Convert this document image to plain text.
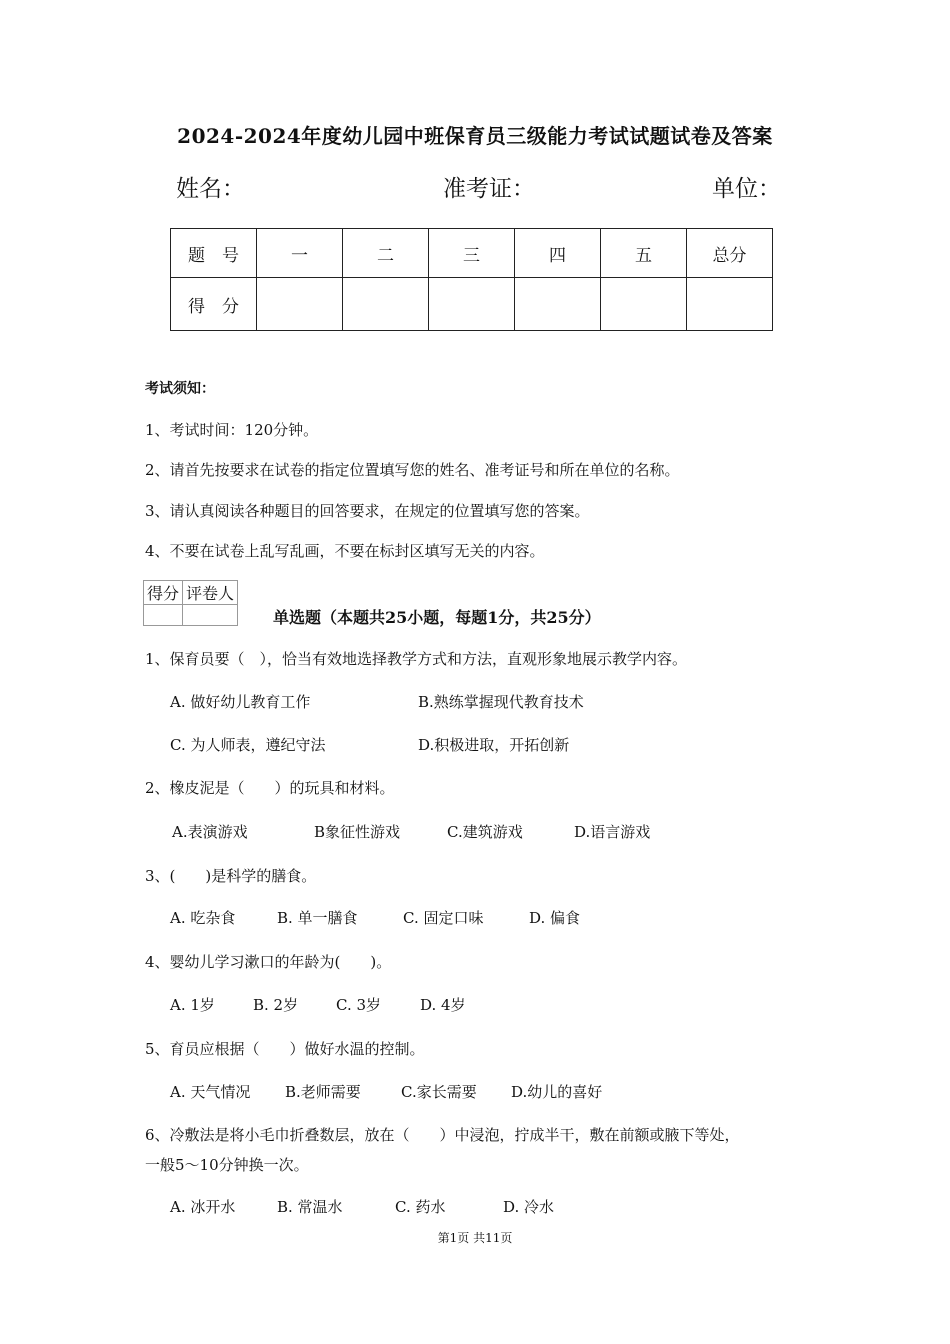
2024-2024年度幼儿园中班保育员三级能力考试试题试卷及答案
姓名：	准考证：	单位：
题　号	一	二	三	四	五	总分
得　分						
考试须知：
1、考试时间：120分钟。
2、请首先按要求在试卷的指定位置填写您的姓名、准考证号和所在单位的名称。
3、请认真阅读各种题目的回答要求，在规定的位置填写您的答案。
4、不要在试卷上乱写乱画，不要在标封区填写无关的内容。
得分	评卷人

单选题（本题共25小题，每题1分，共25分）
1、保育员要（　），恰当有效地选择教学方式和方法，直观形象地展示教学内容。
A. 做好幼儿教育工作	B.熟练掌握现代教育技术
C. 为人师表，遵纪守法	D.积极进取，开拓创新
2、橡皮泥是（　　）的玩具和材料。
A.表演游戏	B象征性游戏	C.建筑游戏	D.语言游戏
3、(　　)是科学的膳食。
A. 吃杂食	B. 单一膳食	C. 固定口味	D. 偏食
4、婴幼儿学习漱口的年龄为(　　)。
A. 1岁	B. 2岁	C. 3岁	D. 4岁
5、育员应根据（　　）做好水温的控制。
A. 天气情况 B.老师需要	C.家长需要 D.幼儿的喜好
6、冷敷法是将小毛巾折叠数层，放在（　　）中浸泡，拧成半干，敷在前额或腋下等处，
一般5～10分钟换一次。
A. 冰开水	B. 常温水	C. 药水	D. 冷水
第1页 共11页
